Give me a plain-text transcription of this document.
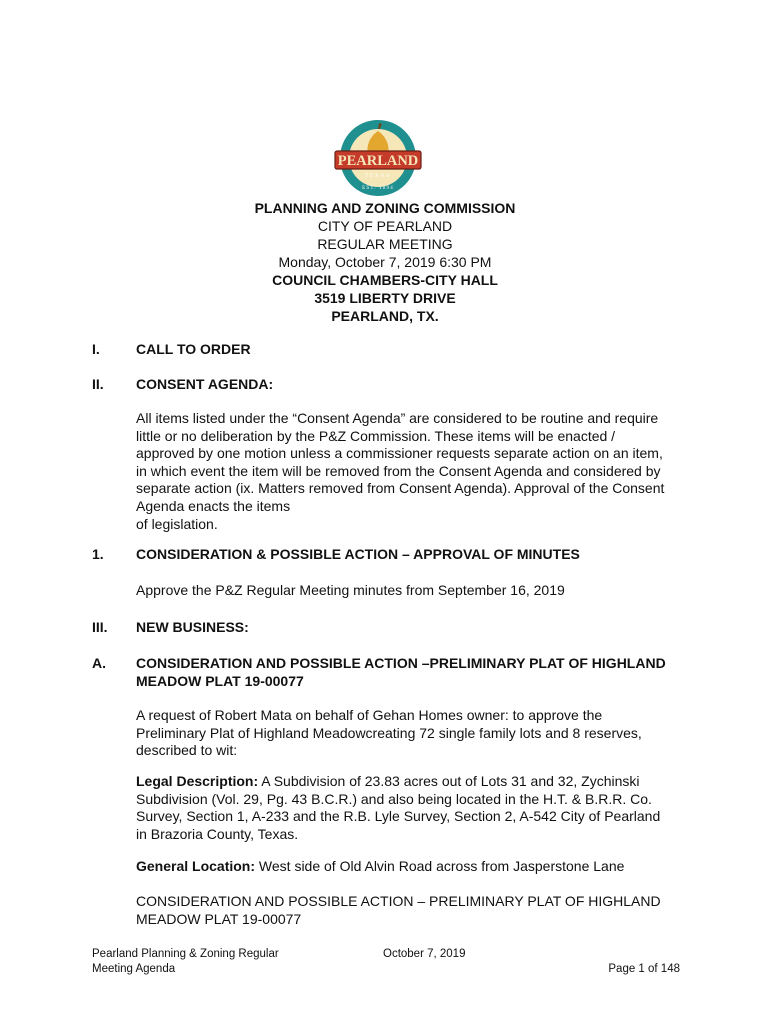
PEARLAND
TEXAS
EST. 1894
PLANNING AND ZONING COMMISSION
CITY OF PEARLAND
REGULAR MEETING
Monday, October 7, 2019 6:30 PM
COUNCIL CHAMBERS-CITY HALL
3519 LIBERTY DRIVE
PEARLAND, TX.
I.	CALL TO ORDER
II. CONSENT AGENDA:
All items listed under the “Consent Agenda” are considered to be routine and require
little or no deliberation by the P&Z Commission. These items will be enacted /
approved by one motion unless a commissioner requests separate action on an item,
in which event the item will be removed from the Consent Agenda and considered by
separate action (ix. Matters removed from Consent Agenda). Approval of the Consent
Agenda enacts the items
of legislation.
1. CONSIDERATION & POSSIBLE ACTION – APPROVAL OF MINUTES
Approve the P&Z Regular Meeting minutes from September 16, 2019
III. NEW BUSINESS:
A. CONSIDERATION AND POSSIBLE ACTION –PRELIMINARY PLAT OF HIGHLAND
MEADOW PLAT 19-00077
A request of Robert Mata on behalf of Gehan Homes owner: to approve the
Preliminary Plat of Highland Meadowcreating 72 single family lots and 8 reserves,
described to wit:
Legal Description: A Subdivision of 23.83 acres out of Lots 31 and 32, Zychinski
Subdivision (Vol. 29, Pg. 43 B.C.R.) and also being located in the H.T. & B.R.R. Co.
Survey, Section 1, A-233 and the R.B. Lyle Survey, Section 2, A-542 City of Pearland
in Brazoria County, Texas.
General Location: West side of Old Alvin Road across from Jasperstone Lane
CONSIDERATION AND POSSIBLE ACTION – PRELIMINARY PLAT OF HIGHLAND
MEADOW PLAT 19-00077
Pearland Planning & Zoning Regular
Meeting Agenda
October 7, 2019
Page 1 of 148
